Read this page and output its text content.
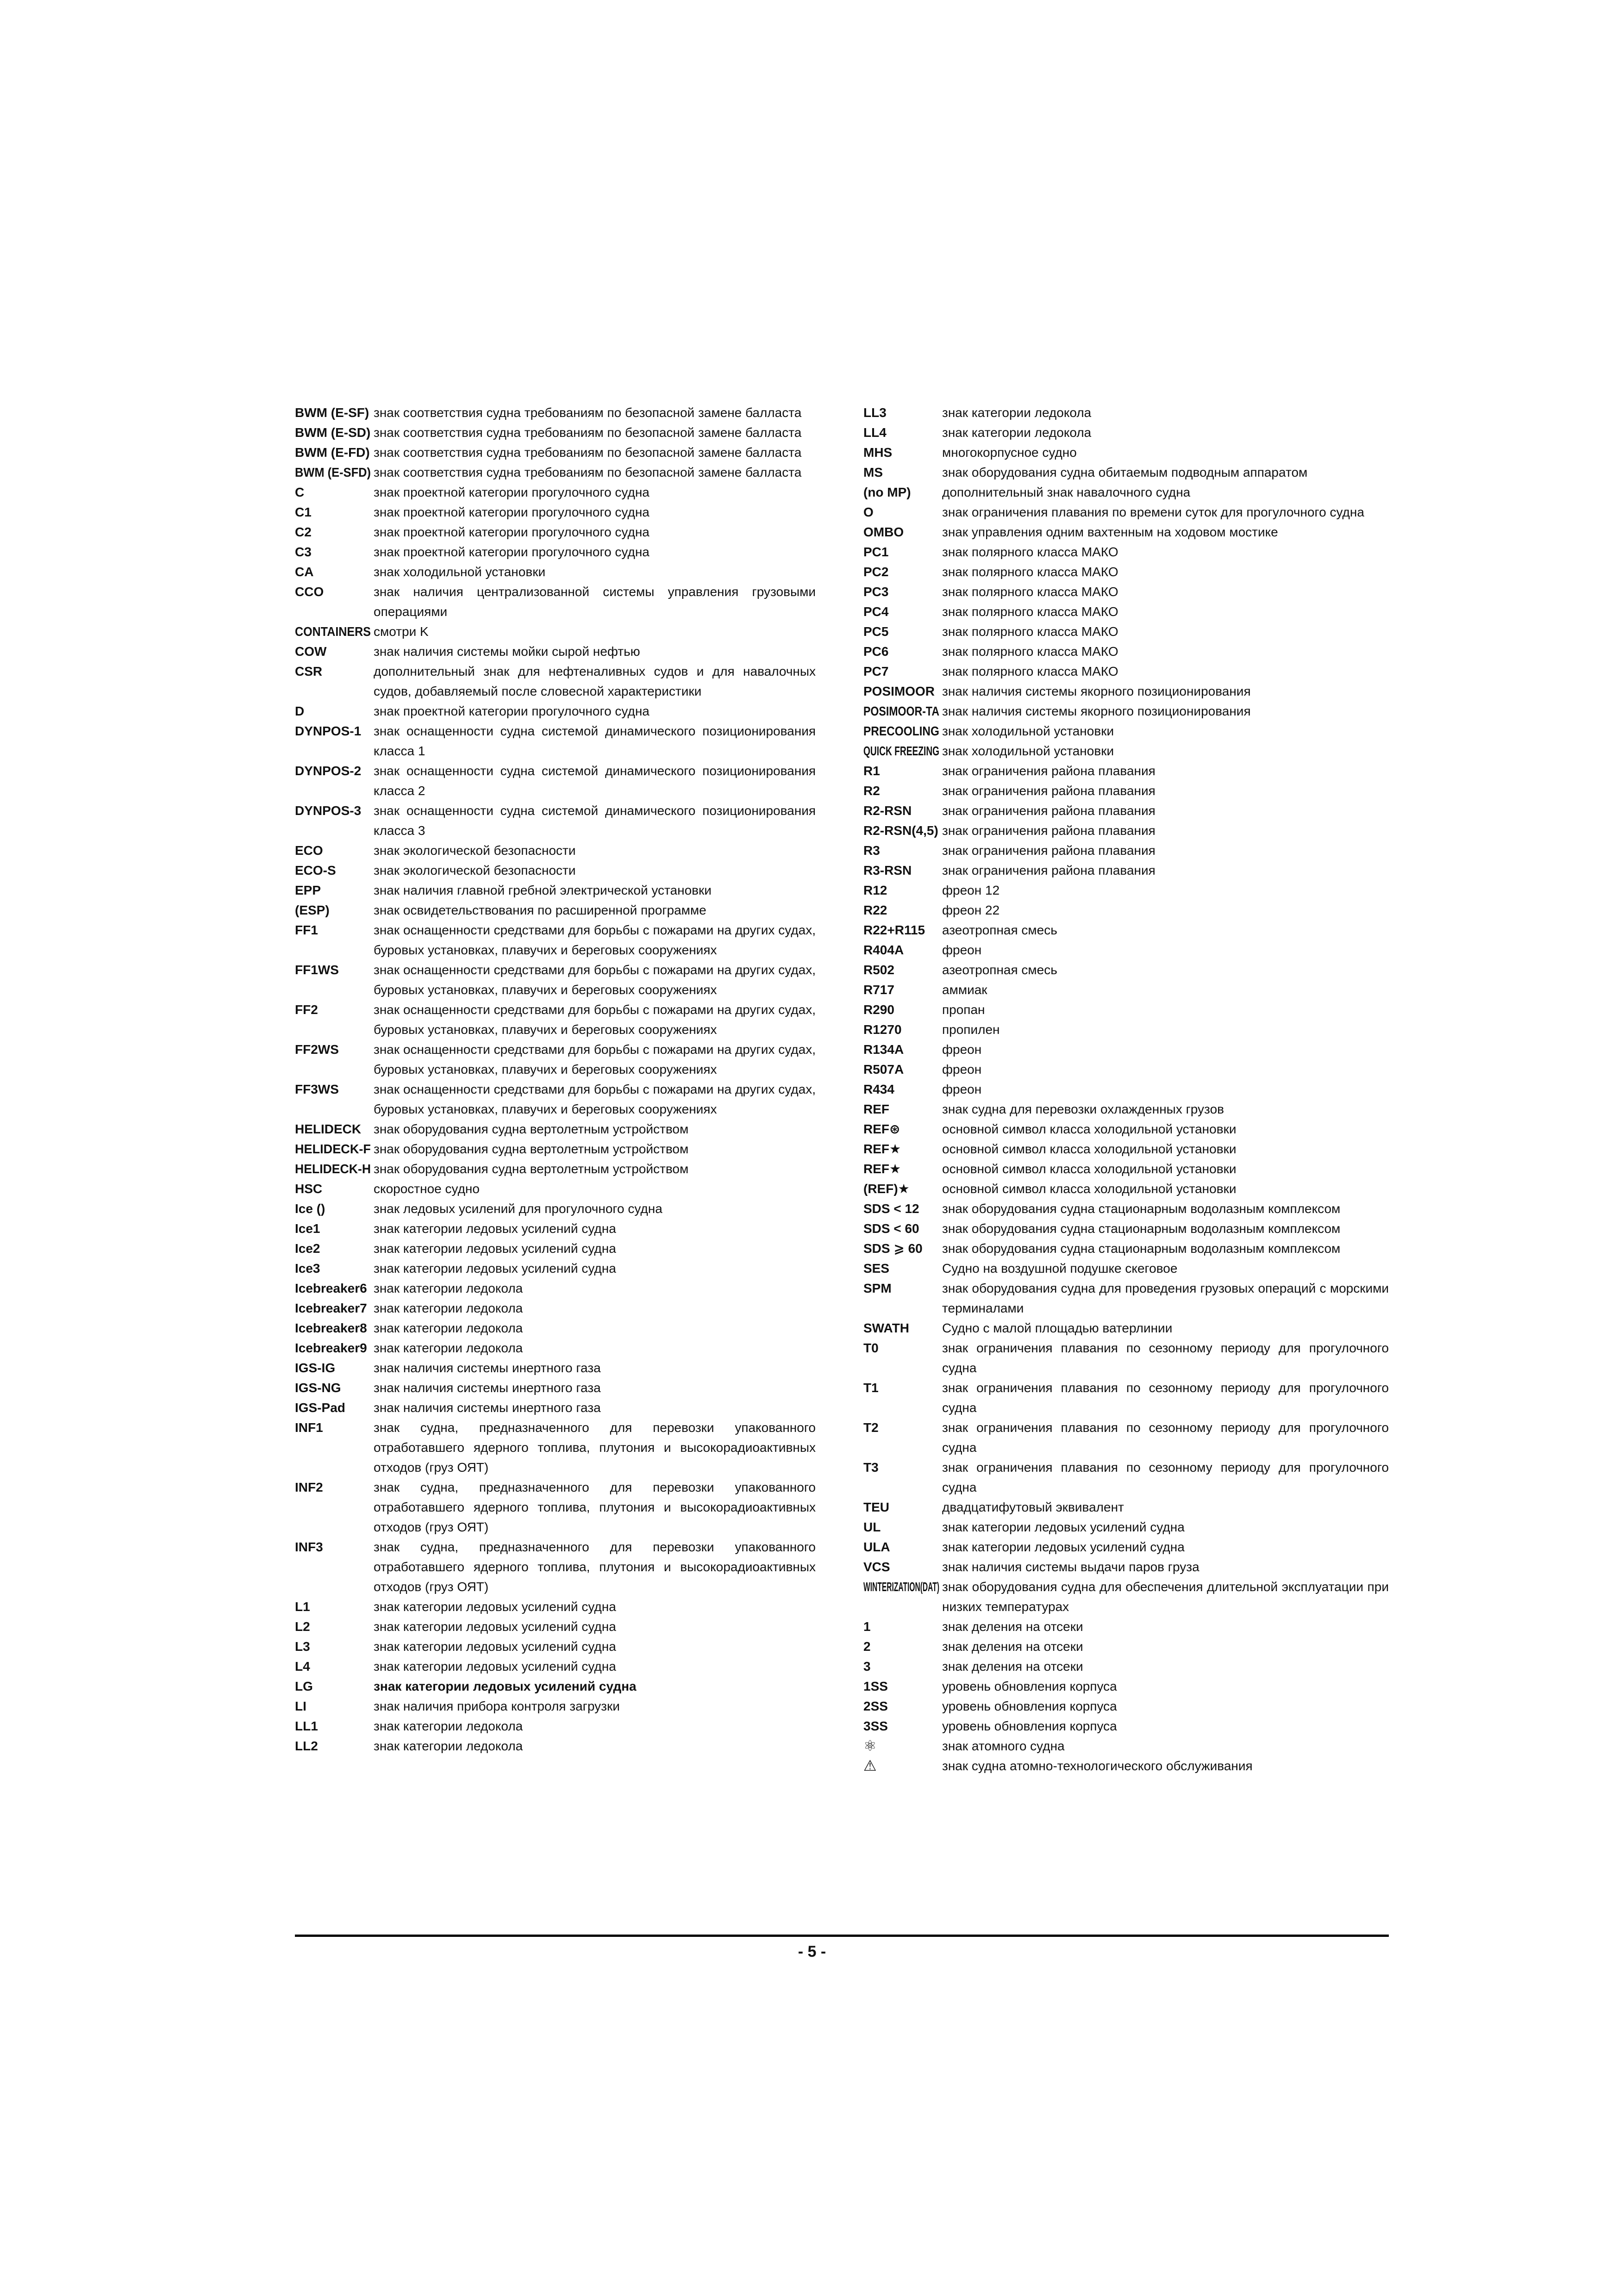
BWM (E-SF) знак соответствия судна требованиям по безопасной замене балласта
BWM (E-SD) знак соответствия судна требованиям по безопасной замене балласта
BWM (E-FD) знак соответствия судна требованиям по безопасной замене балласта
BWM (E-SFD) знак соответствия судна требованиям по безопасной замене балласта
C	знак проектной категории прогулочного судна
C1	знак проектной категории прогулочного судна
C2	знак проектной категории прогулочного судна
C3	знак проектной категории прогулочного судна
CA	знак холодильной установки
CCO	знак наличия централизованной системы управления грузовыми операциями
CONTAINERS смотри K
COW	знак наличия системы мойки сырой нефтью
CSR	дополнительный знак для нефтеналивных судов и для навалочных судов, добавляемый после словесной характеристики
D	знак проектной категории прогулочного судна
DYNPOS-1 знак оснащенности судна системой динамического позиционирования класса 1
DYNPOS-2 знак оснащенности судна системой динамического позиционирования класса 2
DYNPOS-3 знак оснащенности судна системой динамического позиционирования класса 3
ECO	знак экологической безопасности
ECO-S	знак экологической безопасности
EPP	знак наличия главной гребной электрической установки
(ESP)	знак освидетельствования по расширенной программе
FF1	знак оснащенности средствами для борьбы с пожарами на других судах, буровых установках, плавучих и береговых сооружениях
FF1WS	знак оснащенности средствами для борьбы с пожарами на других судах, буровых установках, плавучих и береговых сооружениях
FF2	знак оснащенности средствами для борьбы с пожарами на других судах, буровых установках, плавучих и береговых сооружениях
FF2WS	знак оснащенности средствами для борьбы с пожарами на других судах, буровых установках, плавучих и береговых сооружениях
FF3WS	знак оснащенности средствами для борьбы с пожарами на других судах, буровых установках, плавучих и береговых сооружениях
HELIDECK знак оборудования судна вертолетным устройством
HELIDECK-F знак оборудования судна вертолетным устройством
HELIDECK-H знак оборудования судна вертолетным устройством
HSC	скоростное судно
Ice ()	знак ледовых усилений для прогулочного судна
Ice1	знак категории ледовых усилений судна
Ice2	знак категории ледовых усилений судна
Ice3	знак категории ледовых усилений судна
Icebreaker6 знак категории ледокола
Icebreaker7 знак категории ледокола
Icebreaker8 знак категории ледокола
Icebreaker9 знак категории ледокола
IGS-IG	знак наличия системы инертного газа
IGS-NG	знак наличия системы инертного газа
IGS-Pad	знак наличия системы инертного газа
INF1	знак судна, предназначенного для перевозки упакованного отработавшего ядерного топлива, плутония и высокорадиоактивных отходов (груз ОЯТ)
INF2	знак судна, предназначенного для перевозки упакованного отработавшего ядерного топлива, плутония и высокорадиоактивных отходов (груз ОЯТ)
INF3	знак судна, предназначенного для перевозки упакованного отработавшего ядерного топлива, плутония и высокорадиоактивных отходов (груз ОЯТ)
L1	знак категории ледовых усилений судна
L2	знак категории ледовых усилений судна
L3	знак категории ледовых усилений судна
L4	знак категории ледовых усилений судна
LG	знак категории ледовых усилений судна
LI	знак наличия прибора контроля загрузки
LL1	знак категории ледокола
LL2	знак категории ледокола
LL3	знак категории ледокола
LL4	знак категории ледокола
MHS	многокорпусное судно
MS	знак оборудования судна обитаемым подводным аппаратом
(no MP)	дополнительный знак навалочного судна
O	знак ограничения плавания по времени суток для прогулочного судна
OMBO	знак управления одним вахтенным на ходовом мостике
PC1	знак полярного класса МАКО
PC2	знак полярного класса МАКО
PC3	знак полярного класса МАКО
PC4	знак полярного класса МАКО
PC5	знак полярного класса МАКО
PC6	знак полярного класса МАКО
PC7	знак полярного класса МАКО
POSIMOOR знак наличия системы якорного позиционирования
POSIMOOR-TA знак наличия системы якорного позиционирования
PRECOOLING знак холодильной установки
QUICK FREEZING знак холодильной установки
R1	знак ограничения района плавания
R2	знак ограничения района плавания
R2-RSN	знак ограничения района плавания
R2-RSN(4,5) знак ограничения района плавания
R3	знак ограничения района плавания
R3-RSN	знак ограничения района плавания
R12	фреон 12
R22	фреон 22
R22+R115	азеотропная смесь
R404A	фреон
R502	азеотропная смесь
R717	аммиак
R290	пропан
R1270	пропилен
R134A	фреон
R507A	фреон
R434	фреон
REF	знак судна для перевозки охлажденных грузов
REF⊛	основной символ класса холодильной установки
REF★	основной символ класса холодильной установки
REF★	основной символ класса холодильной установки
(REF)★	основной символ класса холодильной установки
SDS < 12	знак оборудования судна стационарным водолазным комплексом
SDS < 60	знак оборудования судна стационарным водолазным комплексом
SDS ⩾ 60	знак оборудования судна стационарным водолазным комплексом
SES	Судно на воздушной подушке скеговое
SPM	знак оборудования судна для проведения грузовых операций с морскими терминалами
SWATH	Судно с малой площадью ватерлинии
T0	знак ограничения плавания по сезонному периоду для прогулочного судна
T1	знак ограничения плавания по сезонному периоду для прогулочного судна
T2	знак ограничения плавания по сезонному периоду для прогулочного судна
T3	знак ограничения плавания по сезонному периоду для прогулочного судна
TEU	двадцатифутовый эквивалент
UL	знак категории ледовых усилений судна
ULA	знак категории ледовых усилений судна
VCS	знак наличия системы выдачи паров груза
WINTERIZATION(DAT) знак оборудования судна для обеспечения длительной эксплуатации при низких температурах
1	знак деления на отсеки
2	знак деления на отсеки
3	знак деления на отсеки
1SS	уровень обновления корпуса
2SS	уровень обновления корпуса
3SS	уровень обновления корпуса
⚛	знак атомного судна
⚠	знак судна атомно-технологического обслуживания
- 5 -
